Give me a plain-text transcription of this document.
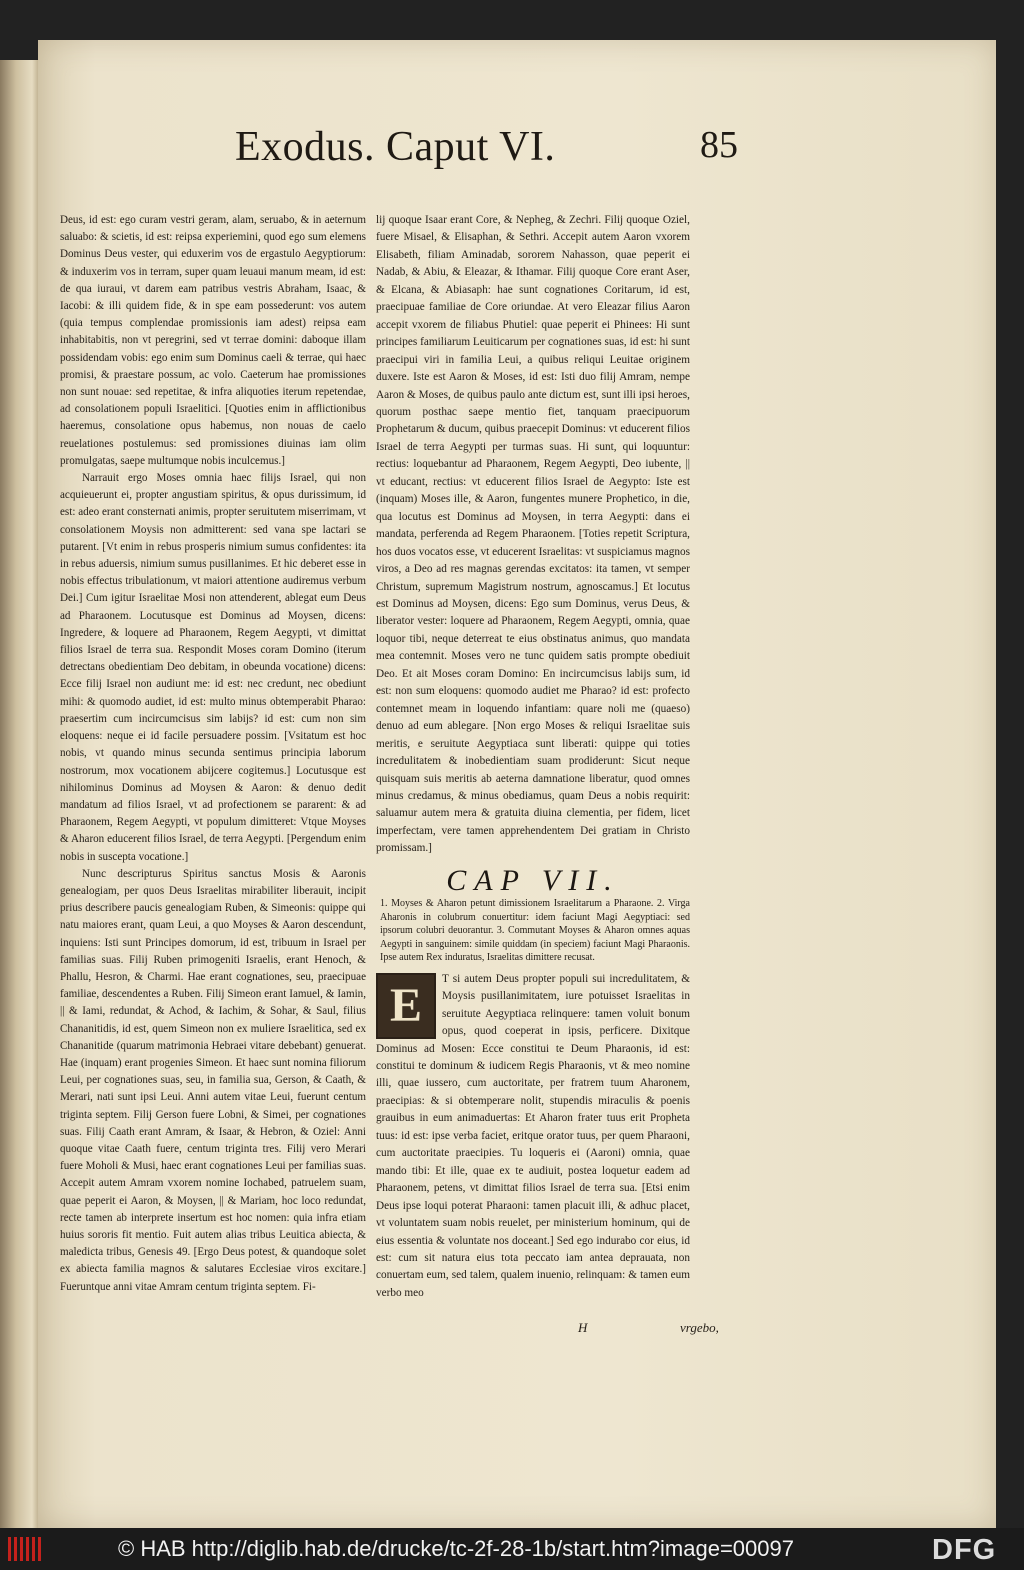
Exodus. Caput VI.	85

Deus, id est: ego curam vestri geram, alam, seruabo, & in aeternum saluabo: & scietis, id est: reipsa experiemini, quod ego sum elemens Dominus Deus vester, qui eduxerim vos de ergastulo Aegyptiorum: & induxerim vos in terram, super quam leuaui manum meam, id est: de qua iuraui, vt darem eam patribus vestris Abraham, Isaac, & Iacobi: & illi quidem fide, & in spe eam possederunt: vos autem (quia tempus complendae promissionis iam adest) reipsa eam inhabitabitis, non vt peregrini, sed vt terrae domini: daboque illam possidendam vobis: ego enim sum Dominus caeli & terrae, qui haec promisi, & praestare possum, ac volo. Caeterum hae promissiones non sunt nouae: sed repetitae, & infra aliquoties iterum repetendae, ad consolationem populi Israelitici. [Quoties enim in afflictionibus haeremus, consolatione opus habemus, non nouas de caelo reuelationes postulemus: sed promissiones diuinas iam olim promulgatas, saepe multumque nobis inculcemus.]

Narrauit ergo Moses omnia haec filijs Israel, qui non acquieuerunt ei, propter angustiam spiritus, & opus durissimum, id est: adeo erant consternati animis, propter seruitutem miserrimam, vt consolationem Moysis non admitterent: sed vana spe lactari se putarent. [Vt enim in rebus prosperis nimium sumus confidentes: ita in rebus aduersis, nimium sumus pusillanimes. Et hic deberet esse in nobis effectus tribulationum, vt maiori attentione audiremus verbum Dei.] Cum igitur Israelitae Mosi non attenderent, ablegat eum Deus ad Pharaonem. Locutusque est Dominus ad Moysen, dicens: Ingredere, & loquere ad Pharaonem, Regem Aegypti, vt dimittat filios Israel de terra sua. Respondit Moses coram Domino (iterum detrectans obedientiam Deo debitam, in obeunda vocatione) dicens: Ecce filij Israel non audiunt me: id est: nec credunt, nec obediunt mihi: & quomodo audiet, id est: multo minus obtemperabit Pharao: praesertim cum incircumcisus sim labijs? id est: cum non sim eloquens: neque ei id facile persuadere possim. [Vsitatum est hoc nobis, vt quando minus secunda sentimus principia laborum nostrorum, mox vocationem abijcere cogitemus.] Locutusque est nihilominus Dominus ad Moysen & Aaron: & denuo dedit mandatum ad filios Israel, vt ad profectionem se pararent: & ad Pharaonem, Regem Aegypti, vt populum dimitteret: Vtque Moyses & Aharon educerent filios Israel, de terra Aegypti. [Pergendum enim nobis in suscepta vocatione.]

Nunc descripturus Spiritus sanctus Mosis & Aaronis genealogiam, per quos Deus Israelitas mirabiliter liberauit, incipit prius describere paucis genealogiam Ruben, & Simeonis: quippe qui natu maiores erant, quam Leui, a quo Moyses & Aaron descendunt, inquiens: Isti sunt Principes domorum, id est, tribuum in Israel per familias suas. Filij Ruben primogeniti Israelis, erant Henoch, & Phallu, Hesron, & Charmi. Hae erant cognationes, seu, praecipuae familiae, descendentes a Ruben. Filij Simeon erant Iamuel, & Iamin, || & Iami, redundat, & Achod, & Iachim, & Sohar, & Saul, filius Chananitidis, id est, quem Simeon non ex muliere Israelitica, sed ex Chananitide (quarum matrimonia Hebraei vitare debebant) genuerat. Hae (inquam) erant progenies Simeon. Et haec sunt nomina filiorum Leui, per cognationes suas, seu, in familia sua, Gerson, & Caath, & Merari, nati sunt ipsi Leui. Anni autem vitae Leui, fuerunt centum triginta septem. Filij Gerson fuere Lobni, & Simei, per cognationes suas. Filij Caath erant Amram, & Isaar, & Hebron, & Oziel: Anni quoque vitae Caath fuere, centum triginta tres. Filij vero Merari fuere Moholi & Musi, haec erant cognationes Leui per familias suas. Accepit autem Amram vxorem nomine Iochabed, patruelem suam, quae peperit ei Aaron, & Moysen, || & Mariam, hoc loco redundat, recte tamen ab interprete insertum est hoc nomen: quia infra etiam huius sororis fit mentio. Fuit autem alias tribus Leuitica abiecta, & maledicta tribus, Genesis 49. [Ergo Deus potest, & quandoque solet ex abiecta familia magnos & salutares Ecclesiae viros excitare.] Fueruntque anni vitae Amram centum triginta septem. Fi-

lij quoque Isaar erant Core, & Nepheg, & Zechri. Filij quoque Oziel, fuere Misael, & Elisaphan, & Sethri. Accepit autem Aaron vxorem Elisabeth, filiam Aminadab, sororem Nahasson, quae peperit ei Nadab, & Abiu, & Eleazar, & Ithamar. Filij quoque Core erant Aser, & Elcana, & Abiasaph: hae sunt cognationes Coritarum, id est, praecipuae familiae de Core oriundae. At vero Eleazar filius Aaron accepit vxorem de filiabus Phutiel: quae peperit ei Phinees: Hi sunt principes familiarum Leuiticarum per cognationes suas, id est: hi sunt praecipui viri in familia Leui, a quibus reliqui Leuitae originem duxere. Iste est Aaron & Moses, id est: Isti duo filij Amram, nempe Aaron & Moses, de quibus paulo ante dictum est, sunt illi ipsi heroes, quorum posthac saepe mentio fiet, tanquam praecipuorum Prophetarum & ducum, quibus praecepit Dominus: vt educerent filios Israel de terra Aegypti per turmas suas. Hi sunt, qui loquuntur: rectius: loquebantur ad Pharaonem, Regem Aegypti, Deo iubente, || vt educant, rectius: vt educerent filios Israel de Aegypto: Iste est (inquam) Moses ille, & Aaron, fungentes munere Prophetico, in die, qua locutus est Dominus ad Moysen, in terra Aegypti: dans ei mandata, perferenda ad Regem Pharaonem. [Toties repetit Scriptura, hos duos vocatos esse, vt educerent Israelitas: vt suspiciamus magnos viros, a Deo ad res magnas gerendas excitatos: ita tamen, vt semper Christum, supremum Magistrum nostrum, agnoscamus.] Et locutus est Dominus ad Moysen, dicens: Ego sum Dominus, verus Deus, & liberator vester: loquere ad Pharaonem, Regem Aegypti, omnia, quae loquor tibi, neque deterreat te eius obstinatus animus, quo mandata mea contemnit. Moses vero ne tunc quidem satis prompte obediuit Deo. Et ait Moses coram Domino: En incircumcisus labijs sum, id est: non sum eloquens: quomodo audiet me Pharao? id est: profecto contemnet meam in loquendo infantiam: quare noli me (quaeso) denuo ad eum ablegare. [Non ergo Moses & reliqui Israelitae suis meritis, e seruitute Aegyptiaca sunt liberati: quippe qui toties incredulitatem & inobedientiam suam prodiderunt: Sicut neque quisquam suis meritis ab aeterna damnatione liberatur, quod omnes minus credamus, & minus obediamus, quam Deus a nobis requirit: saluamur autem mera & gratuita diuina clementia, per fidem, licet imperfectam, vere tamen apprehendentem Dei gratiam in Christo promissam.]

CAP VII.

1. Moyses & Aharon petunt dimissionem Israelitarum a Pharaone. 2. Virga Aharonis in colubrum conuertitur: idem faciunt Magi Aegyptiaci: sed ipsorum colubri deuorantur. 3. Commutant Moyses & Aharon omnes aquas Aegypti in sanguinem: simile quiddam (in speciem) faciunt Magi Pharaonis. Ipse autem Rex induratus, Israelitas dimittere recusat.

E	T si autem Deus propter populi sui incredulitatem, & Moysis pusillanimitatem, iure potuisset Israelitas in seruitute Aegyptiaca relinquere: tamen voluit bonum opus, quod coeperat in ipsis, perficere. Dixitque Dominus ad Mosen: Ecce constitui te Deum Pharaonis, id est: constitui te dominum & iudicem Regis Pharaonis, vt & meo nomine illi, quae iussero, cum auctoritate, per fratrem tuum Aharonem, praecipias: & si obtemperare nolit, stupendis miraculis & poenis grauibus in eum animaduertas: Et Aharon frater tuus erit Propheta tuus: id est: ipse verba faciet, eritque orator tuus, per quem Pharaoni, cum auctoritate praecipies. Tu loqueris ei (Aaroni) omnia, quae mando tibi: Et ille, quae ex te audiuit, postea loquetur eadem ad Pharaonem, petens, vt dimittat filios Israel de terra sua. [Etsi enim Deus ipse loqui poterat Pharaoni: tamen placuit illi, & adhuc placet, vt voluntatem suam nobis reuelet, per ministerium hominum, qui de eius essentia & voluntate nos doceant.] Sed ego indurabo cor eius, id est: cum sit natura eius tota peccato iam antea deprauata, non conuertam eum, sed talem, qualem inuenio, relinquam: & tamen eum verbo meo

H	vrgebo,
© HAB http://diglib.hab.de/drucke/tc-2f-28-1b/start.htm?image=00097	DFG
